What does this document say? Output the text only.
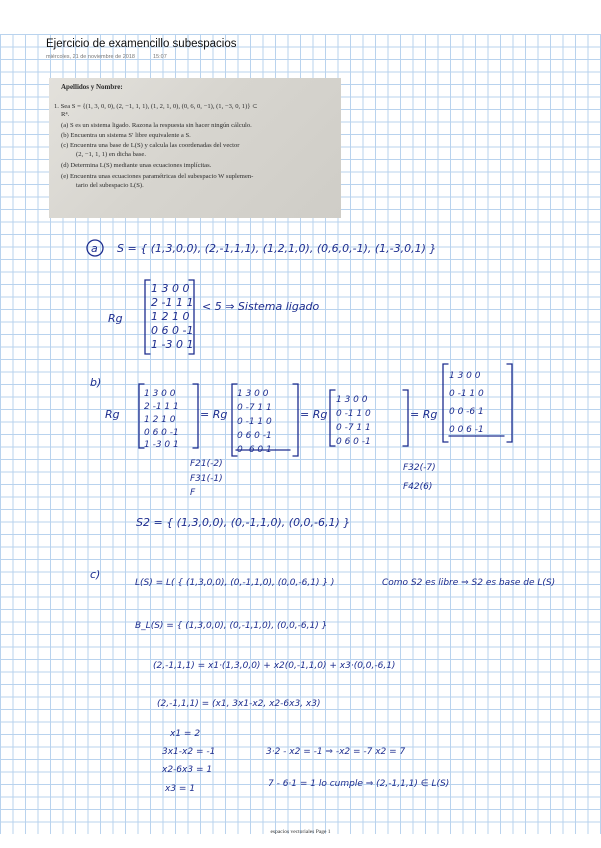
Ejercicio de examencillo subespacios
miércoles, 21 de noviembre de 2018	15:07
Apellidos y Nombre:
1. Sea S = {(1, 3, 0, 0), (2, −1, 1, 1), (1, 2, 1, 0), (0, 6, 0, −1), (1, −3, 0, 1)} ⊂
R⁴.
(a) S es un sistema ligado. Razona la respuesta sin hacer ningún cálculo.
(b) Encuentra un sistema S′ libre equivalente a S.
(c) Encuentra una base de L(S) y calcula las coordenadas del vector
(2, −1, 1, 1) en dicha base.
(d) Determina L(S) mediante unas ecuaciones implícitas.
(e) Encuentra unas ecuaciones paramétricas del subespacio W suplemen-
tario del subespacio L(S).
a S = { (1,3,0,0), (2,-1,1,1), (1,2,1,0), (0,6,0,-1), (1,-3,0,1) }
Rg
1 3 0 0
2 -1 1 1
1 2 1 0
0 6 0 -1
1 -3 0 1
< 5 ⇒ Sistema ligado
b)
Rg
1 3 0 0
2 -1 1 1
1 2 1 0
0 6 0 -1
1 -3 0 1
= Rg
1 3 0 0
0 -7 1 1
0 -1 1 0
0 6 0 -1
0 -6 0 1
= Rg
1 3 0 0
0 -1 1 0
0 -7 1 1
0 6 0 -1
= Rg
1 3 0 0
0 -1 1 0
0 0 -6 1
0 0 6 -1
F21(-2)
F31(-1)
F
F32(-7)
F42(6)
S2 = { (1,3,0,0), (0,-1,1,0), (0,0,-6,1) }
c)
L(S) = L( { (1,3,0,0), (0,-1,1,0), (0,0,-6,1) } )	Como S2 es libre ⇒ S2 es base de L(S)
B_L(S) = { (1,3,0,0), (0,-1,1,0), (0,0,-6,1) }
(2,-1,1,1) = x1·(1,3,0,0) + x2(0,-1,1,0) + x3·(0,0,-6,1)
(2,-1,1,1) = (x1, 3x1-x2, x2-6x3, x3)
x1 = 2
3x1-x2 = -1
x2-6x3 = 1
x3 = 1
3·2 - x2 = -1 ⇒ -x2 = -7 x2 = 7
7 - 6·1 = 1 lo cumple ⇒ (2,-1,1,1) ∈ L(S)
espacios vectoriales Page 1
